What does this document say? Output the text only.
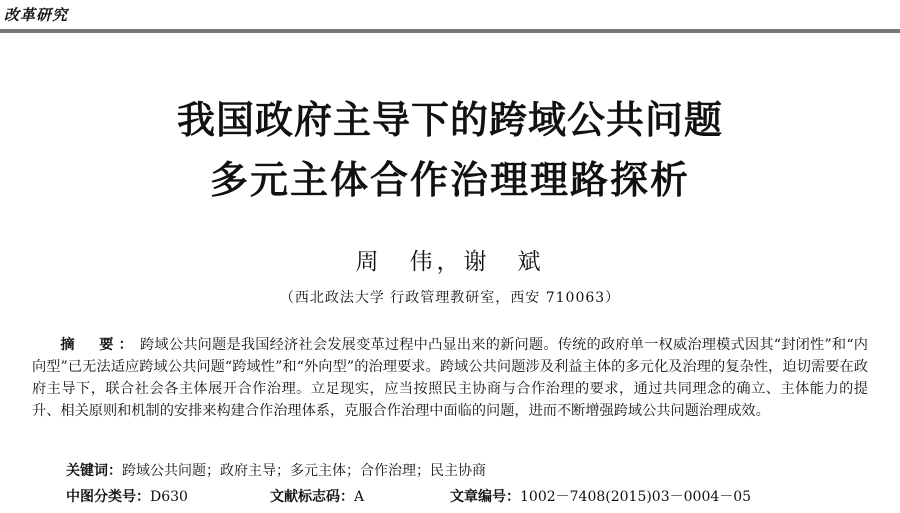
改革研究
我国政府主导下的跨域公共问题
多元主体合作治理理路探析
周　伟，谢　斌
（西北政法大学 行政管理教研室，西安 710063）

摘　要： 跨域公共问题是我国经济社会发展变革过程中凸显出来的新问题。传统的政府单一权威治理模式因其“封闭性”和“内向型”已无法适应跨域公共问题“跨域性”和“外向型”的治理要求。跨域公共问题涉及利益主体的多元化及治理的复杂性，迫切需要在政府主导下，联合社会各主体展开合作治理。立足现实，应当按照民主协商与合作治理的要求，通过共同理念的确立、主体能力的提升、相关原则和机制的安排来构建合作治理体系，克服合作治理中面临的问题，进而不断增强跨域公共问题治理成效。

关键词：跨域公共问题；政府主导；多元主体；合作治理；民主协商
中图分类号：D630	文献标志码：A	文章编号：1002－7408(2015)03－0004－05
